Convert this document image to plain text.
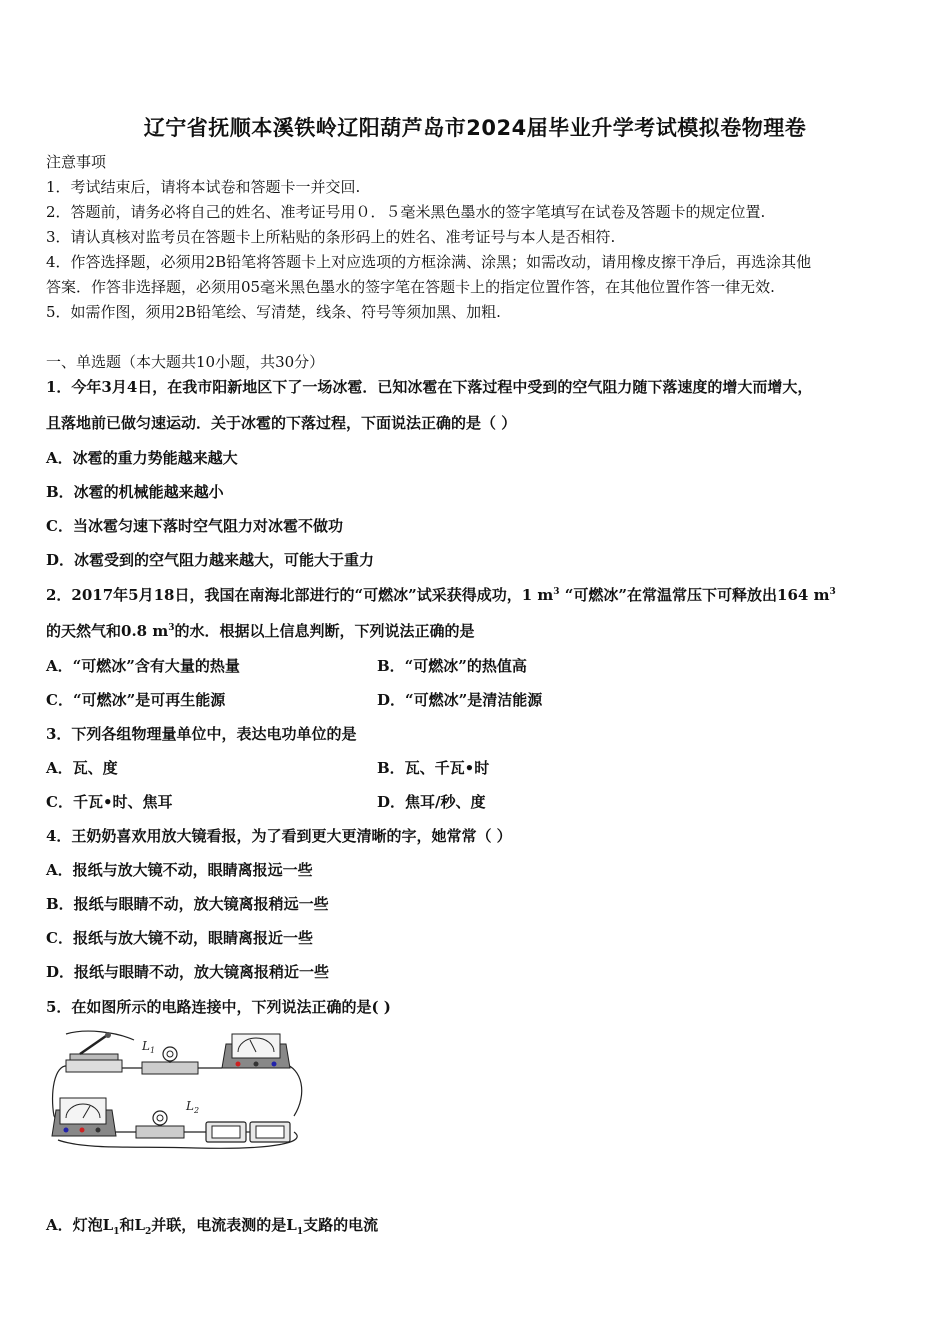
辽宁省抚顺本溪铁岭辽阳葫芦岛市2024届毕业升学考试模拟卷物理卷
注意事项
1．考试结束后，请将本试卷和答题卡一并交回.
2．答题前，请务必将自己的姓名、准考证号用０．５毫米黑色墨水的签字笔填写在试卷及答题卡的规定位置.
3．请认真核对监考员在答题卡上所粘贴的条形码上的姓名、准考证号与本人是否相符.
4．作答选择题，必须用2B铅笔将答题卡上对应选项的方框涂满、涂黑；如需改动，请用橡皮擦干净后，再选涂其他
答案．作答非选择题，必须用05毫米黑色墨水的签字笔在答题卡上的指定位置作答，在其他位置作答一律无效.
5．如需作图，须用2B铅笔绘、写清楚，线条、符号等须加黑、加粗.
一、单选题（本大题共10小题，共30分）
1．今年3月4日，在我市阳新地区下了一场冰雹．已知冰雹在下落过程中受到的空气阻力随下落速度的增大而增大，
且落地前已做匀速运动．关于冰雹的下落过程，下面说法正确的是（ ）
A．冰雹的重力势能越来越大
B．冰雹的机械能越来越小
C．当冰雹匀速下落时空气阻力对冰雹不做功
D．冰雹受到的空气阻力越来越大，可能大于重力
2．2017年5月18日，我国在南海北部进行的“可燃冰”试采获得成功，1 $m^3$ “可燃冰”在常温常压下可释放出164 $m^3$
的天然气和0.8 $m^3$的水．根据以上信息判断，下列说法正确的是
A．“可燃冰”含有大量的热量	B．“可燃冰”的热值高
C．“可燃冰”是可再生能源	D．“可燃冰”是清洁能源
3．下列各组物理量单位中，表达电功单位的是
A．瓦、度	B．瓦、千瓦•时
C．千瓦•时、焦耳	D．焦耳/秒、度
4．王奶奶喜欢用放大镜看报，为了看到更大更清晰的字，她常常（ ）
A．报纸与放大镜不动，眼睛离报远一些
B．报纸与眼睛不动，放大镜离报稍远一些
C．报纸与放大镜不动，眼睛离报近一些
D．报纸与眼睛不动，放大镜离报稍近一些
5．在如图所示的电路连接中，下列说法正确的是( )
$L_1$
$L_2$
A．灯泡$L_1$和$L_2$并联，电流表测的是$L_1$支路的电流
